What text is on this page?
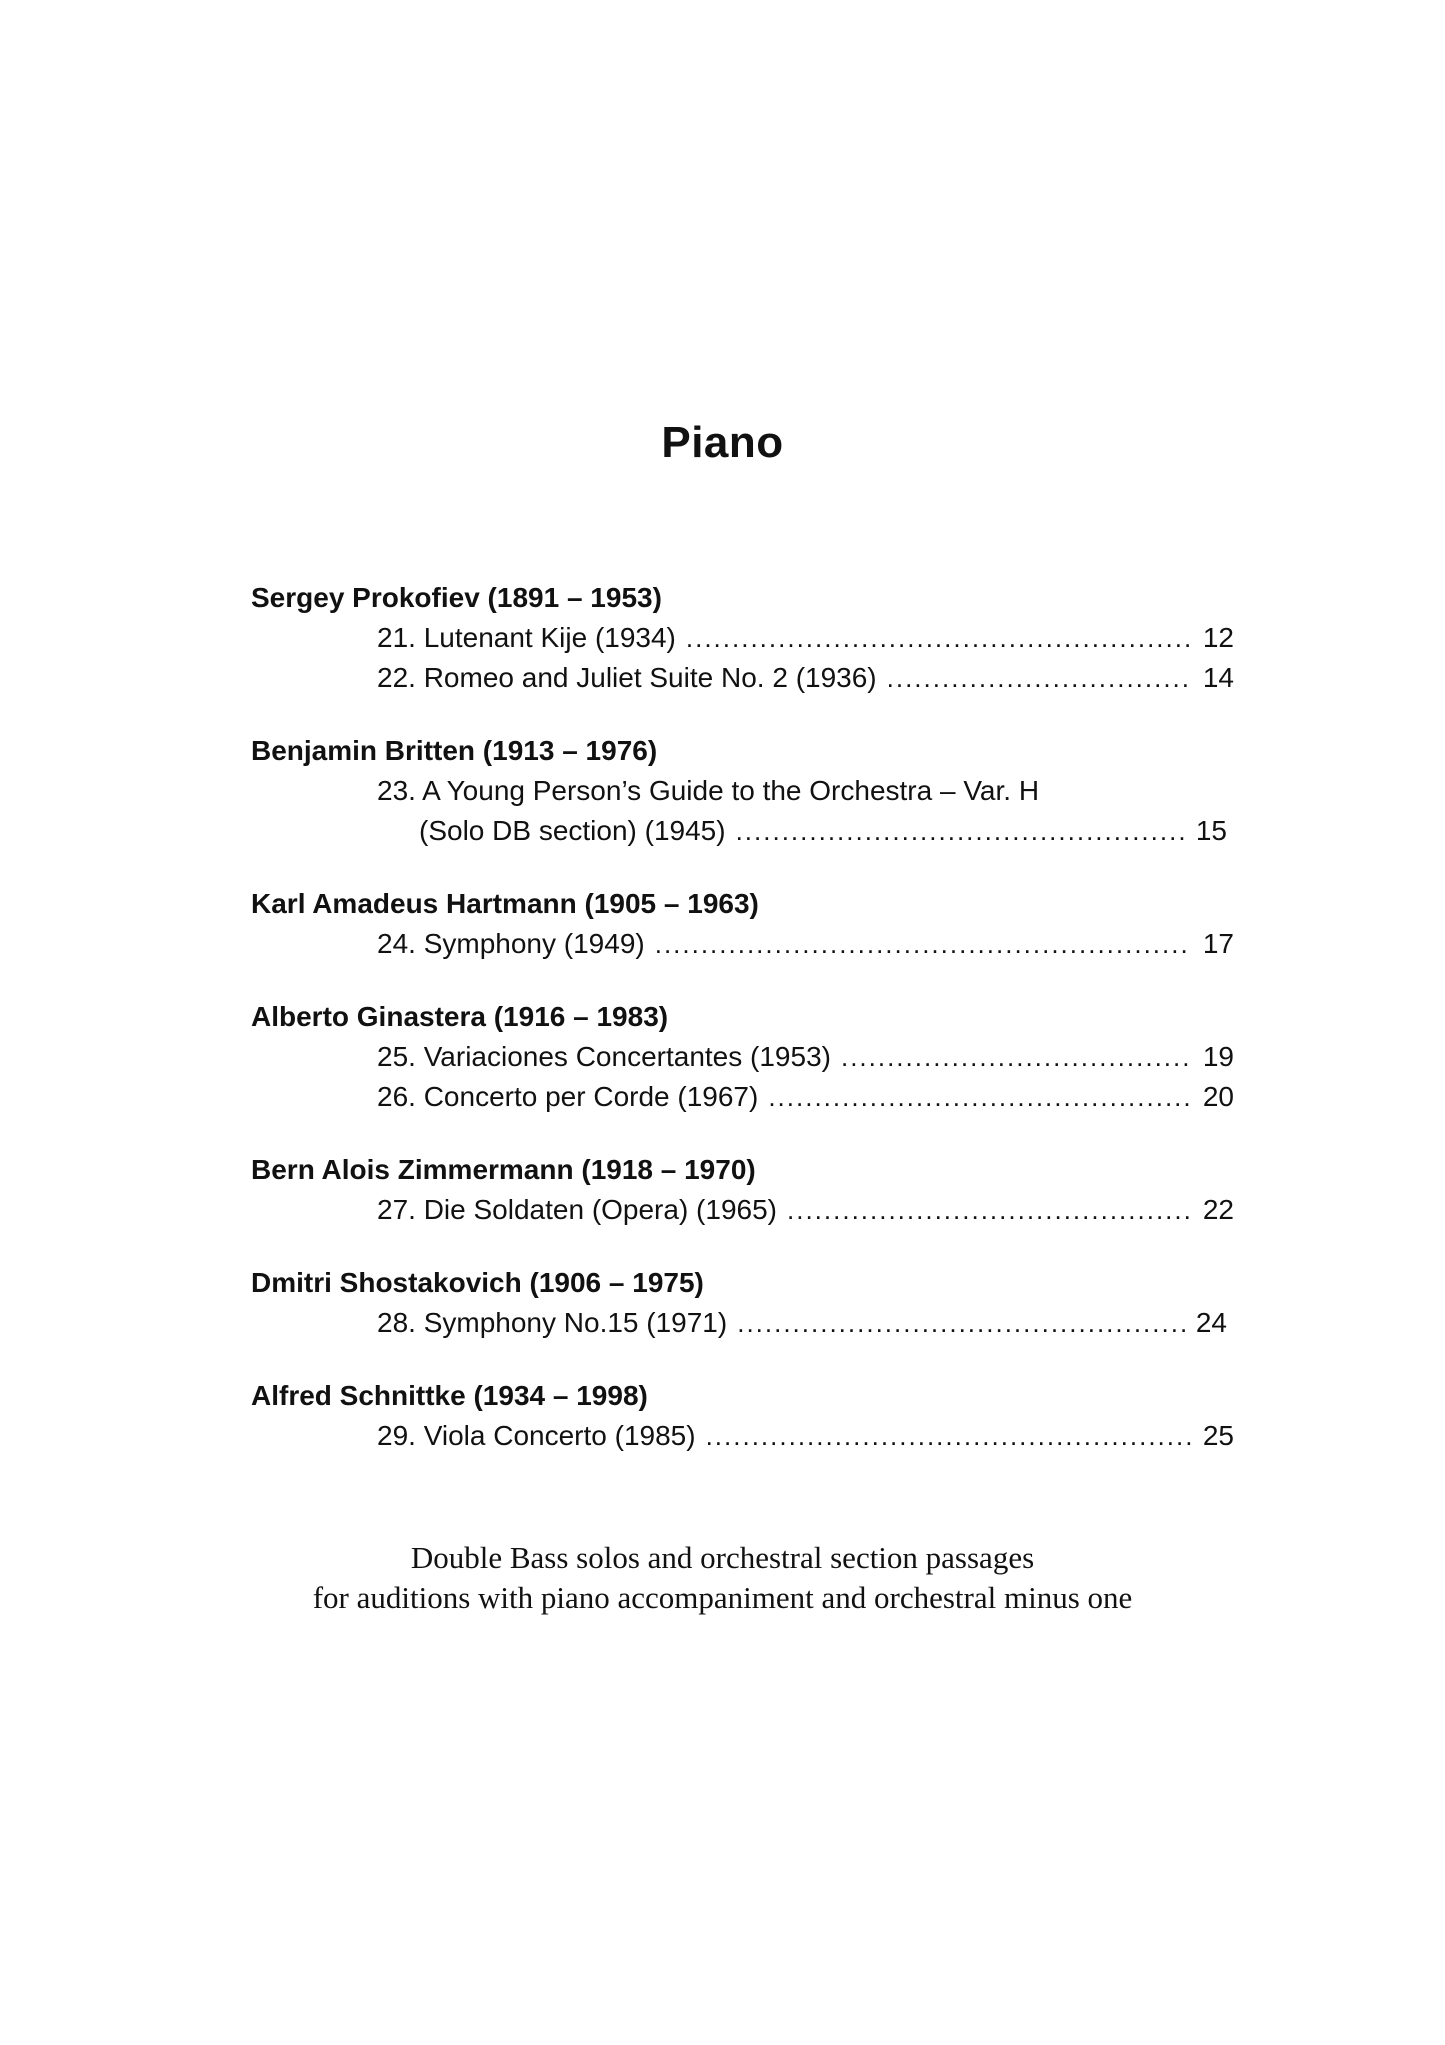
Piano
Sergey Prokofiev (1891 – 1953)
21. Lutenant Kije (1934) .....	12
22. Romeo and Juliet Suite No. 2 (1936) .....	14
Benjamin Britten (1913 – 1976)
23. A Young Person’s Guide to the Orchestra – Var. H
(Solo DB section) (1945) .....	15
Karl Amadeus Hartmann (1905 – 1963)
24. Symphony (1949) .....	17
Alberto Ginastera (1916 – 1983)
25. Variaciones Concertantes (1953) .....	19
26. Concerto per Corde (1967) .....	20
Bern Alois Zimmermann (1918 – 1970)
27. Die Soldaten (Opera) (1965) .....	22
Dmitri Shostakovich (1906 – 1975)
28. Symphony No.15 (1971) .....	24
Alfred Schnittke (1934 – 1998)
29. Viola Concerto (1985) .....	25
Double Bass solos and orchestral section passages
for auditions with piano accompaniment and orchestral minus one
